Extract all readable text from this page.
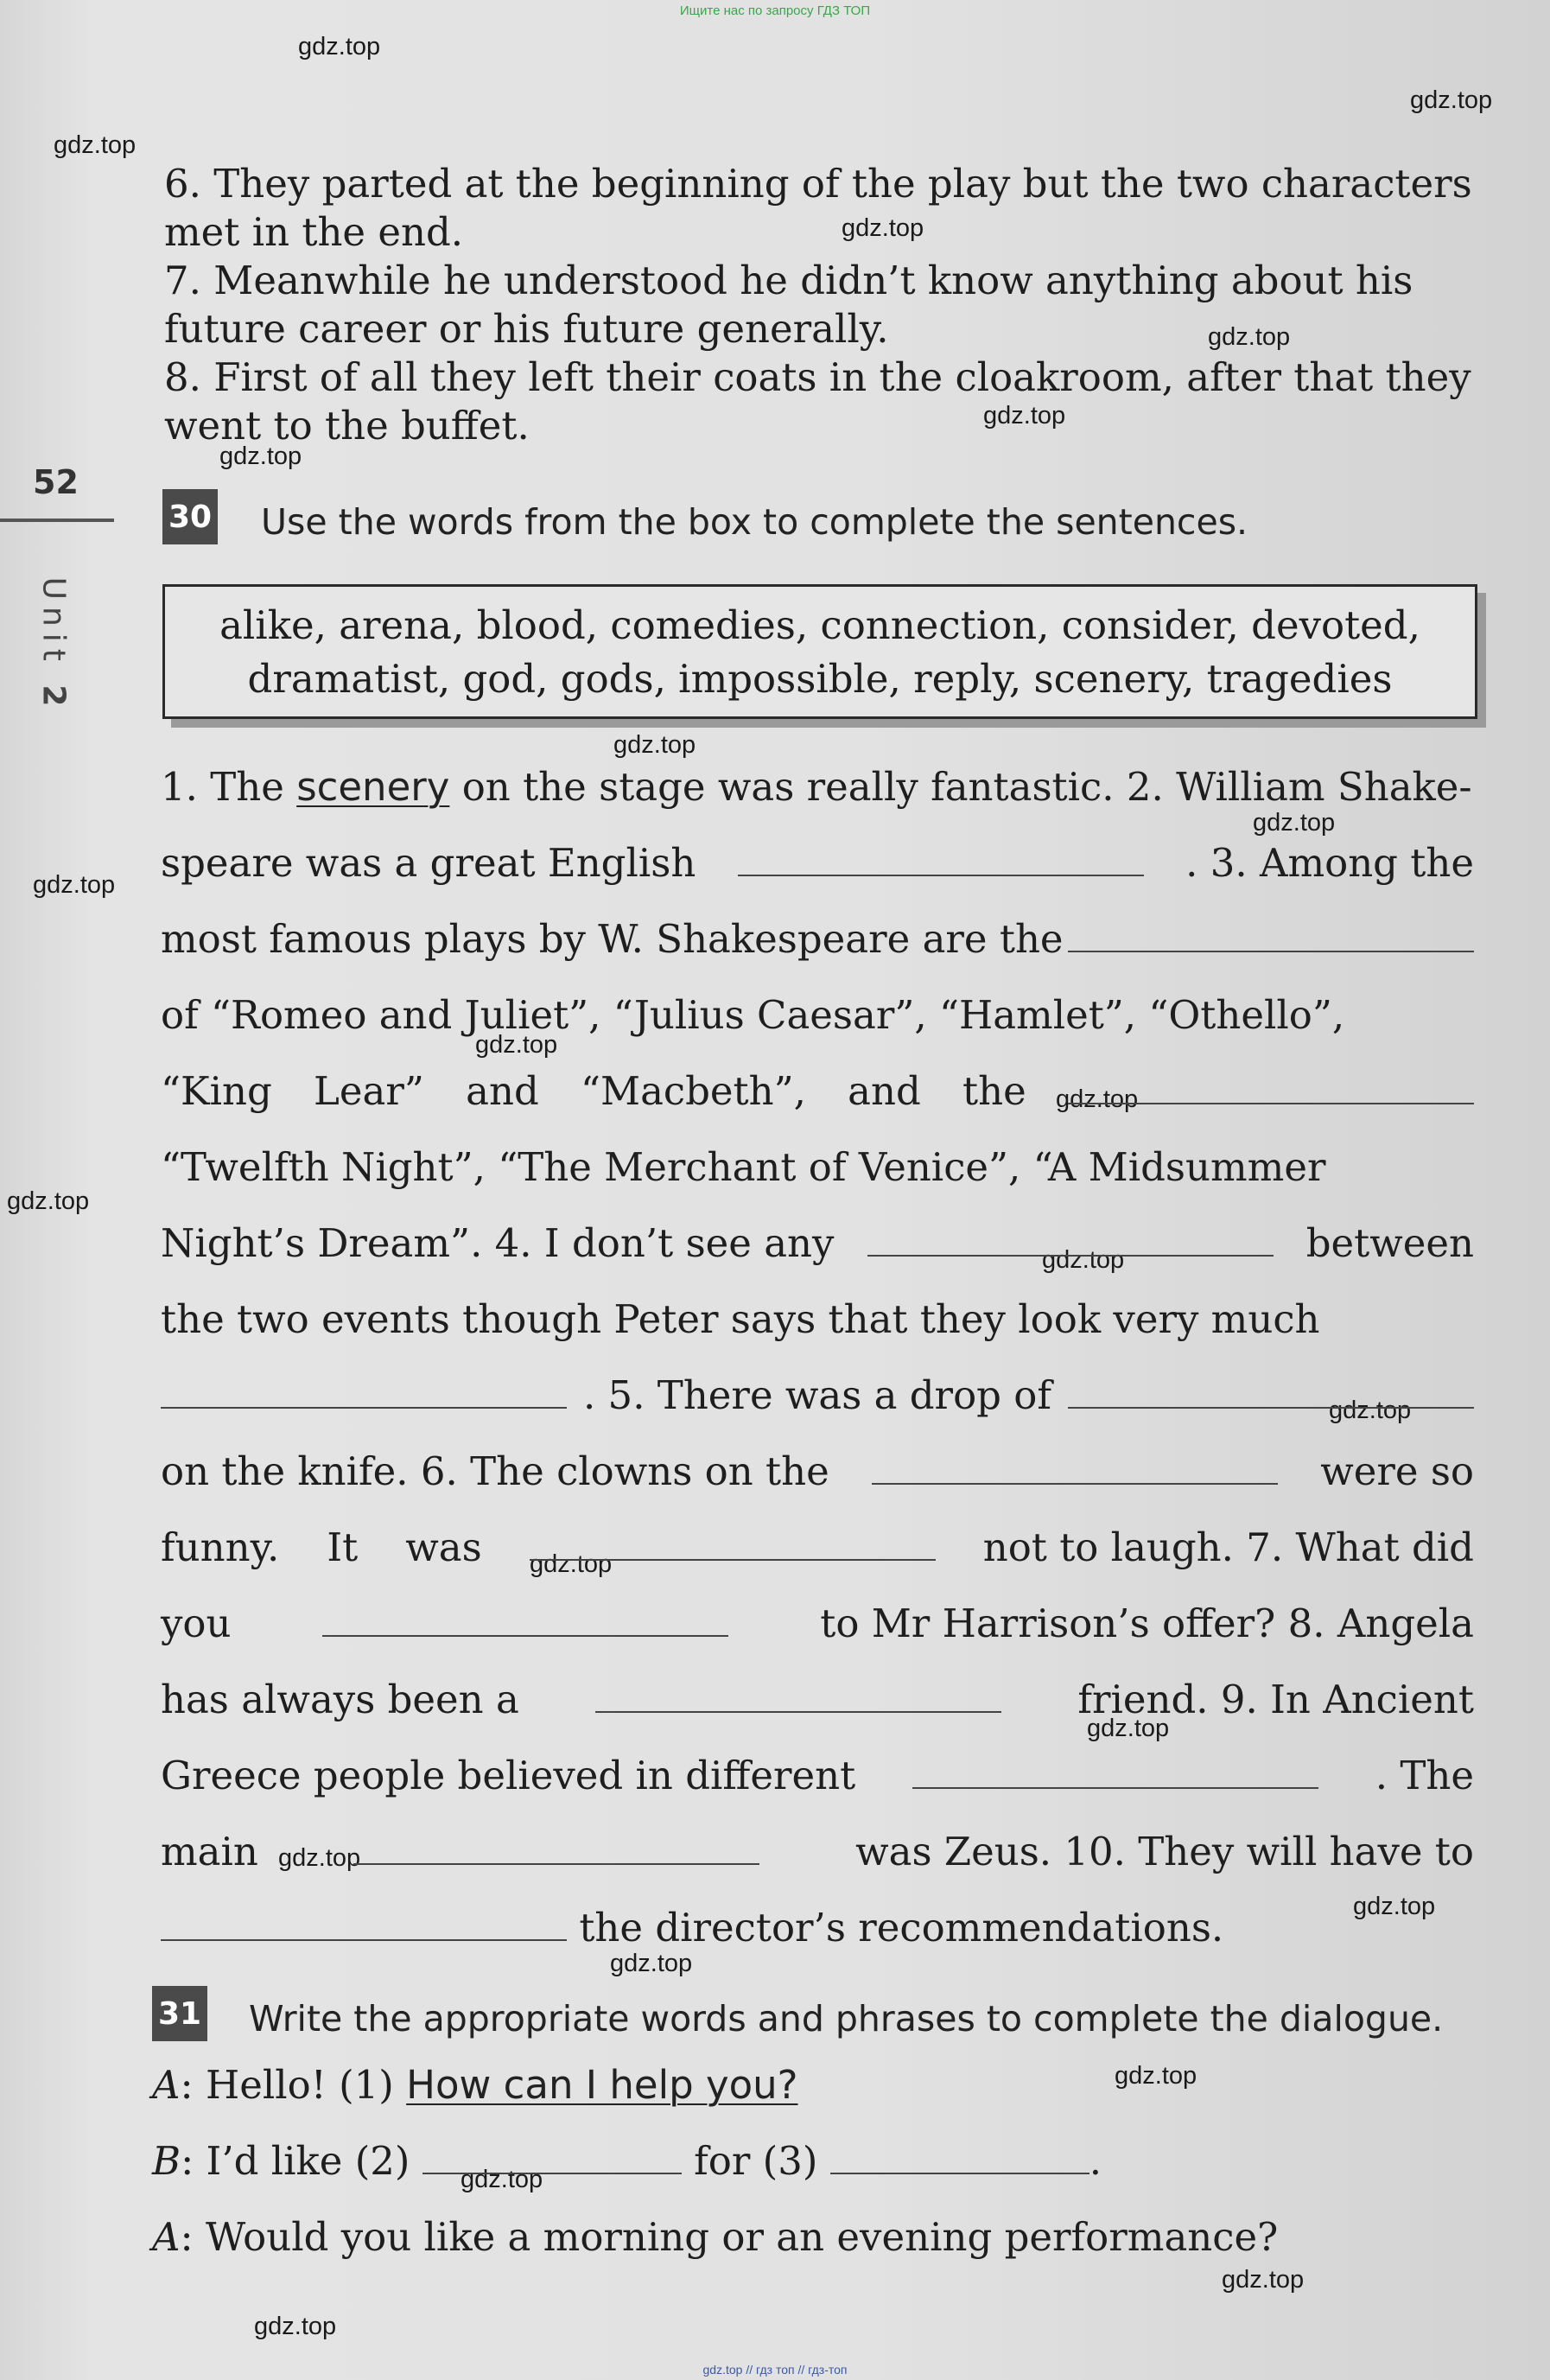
Ищите нас по запросу ГДЗ ТОП
gdz.top
gdz.top
gdz.top
gdz.top
gdz.top
gdz.top
gdz.top
gdz.top
gdz.top
gdz.top
gdz.top
gdz.top
gdz.top
gdz.top
gdz.top
gdz.top
gdz.top
gdz.top
gdz.top
gdz.top
gdz.top
gdz.top
gdz.top
gdz.top
52
Unit 2
6. They parted at the beginning of the play but the two characters
met in the end.
7. Meanwhile he understood he didn’t know anything about his
future career or his future generally.
8. First of all they left their coats in the cloakroom, after that they
went to the buffet.
30 Use the words from the box to complete the sentences.
alike, arena, blood, comedies, connection, consider, devoted,
dramatist, god, gods, impossible, reply, scenery, tragedies
1. The scenery on the stage was really fantastic. 2. William Shake-
speare was a great English	. 3. Among the
most famous plays by W. Shakespeare are the
of “Romeo and Juliet”, “Julius Caesar”, “Hamlet”, “Othello”,
“King Lear” and “Macbeth”, and the
“Twelfth Night”, “The Merchant of Venice”, “A Midsummer
Night’s Dream”. 4. I don’t see any	between
the two events though Peter says that they look very much
. 5. There was a drop of
on the knife. 6. The clowns on the	were so
funny. It was	not to laugh. 7. What did
you	to Mr Harrison’s offer? 8. Angela
has always been a	friend. 9. In Ancient
Greece people believed in different	. The
main	was Zeus. 10. They will have to
the director’s recommendations.
31 Write the appropriate words and phrases to complete the dialogue.
A: Hello! (1) How can I help you?
B: I’d like (2)	for (3)	.
A: Would you like a morning or an evening performance?
gdz.top // гдз топ // гдз-топ
